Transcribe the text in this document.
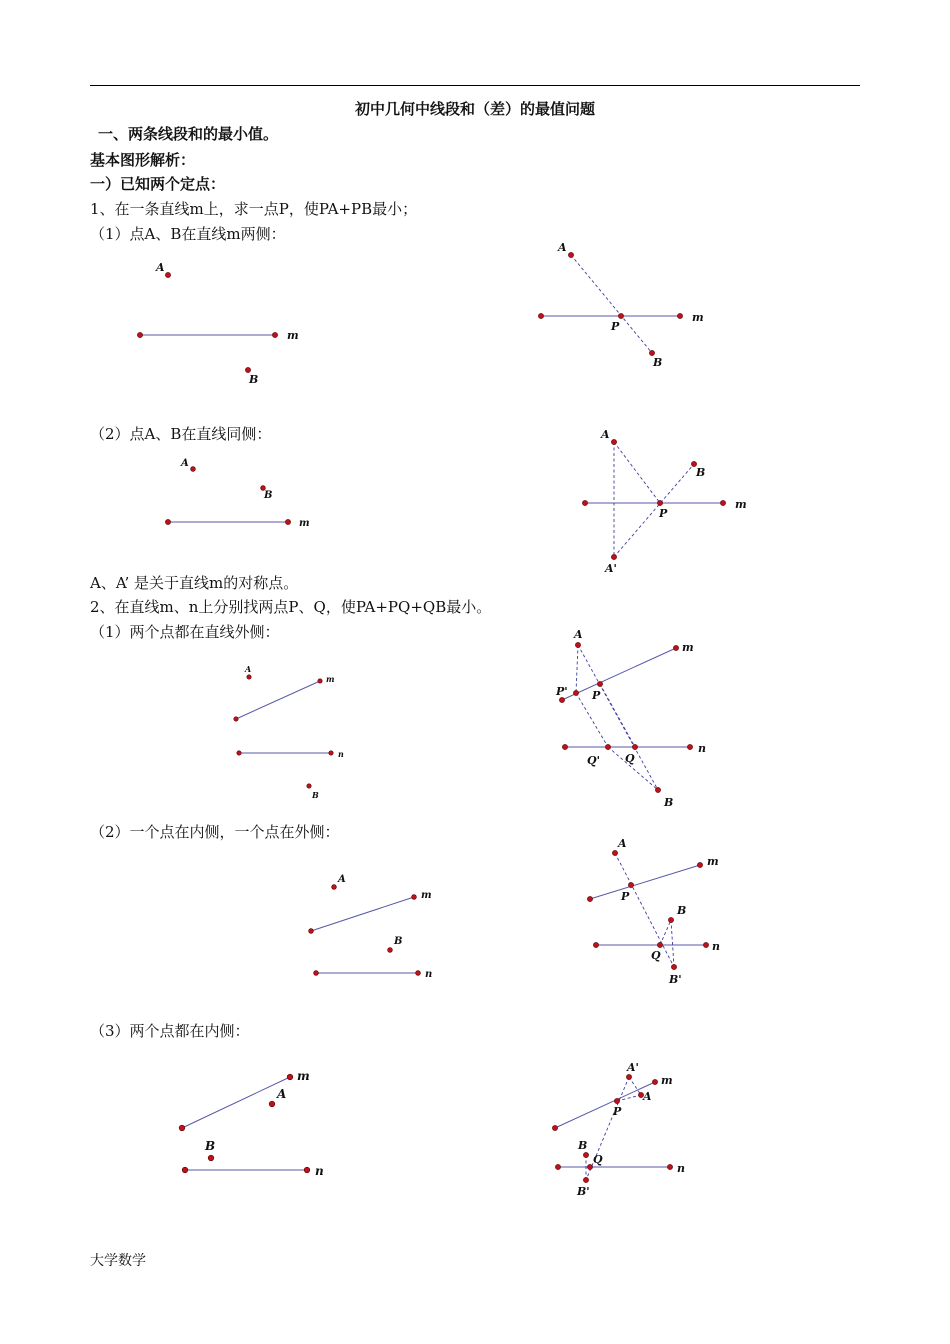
初中几何中线段和（差）的最值问题
一、两条线段和的最小值。
基本图形解析：
一）已知两个定点：
1、在一条直线m上，求一点P，使PA+PB最小；
（1）点A、B在直线m两侧：
（2）点A、B在直线同侧：
A、A’ 是关于直线m的对称点。
2、在直线m、n上分别找两点P、Q，使PA+PQ+QB最小。
（1）两个点都在直线外侧：
（2）一个点在内侧，一个点在外侧：
（3）两个点都在内侧：
A
B
m
A
B
P
m
A
B
m
A
B
P
m
A'
A
B
m
n
A
P' P
m
n
Q' Q
B
A
B
m
n
A
P
m
B
n
Q
B'
A
B
m
n
A'
m
A
P
B
Q
n
B'
大学数学
